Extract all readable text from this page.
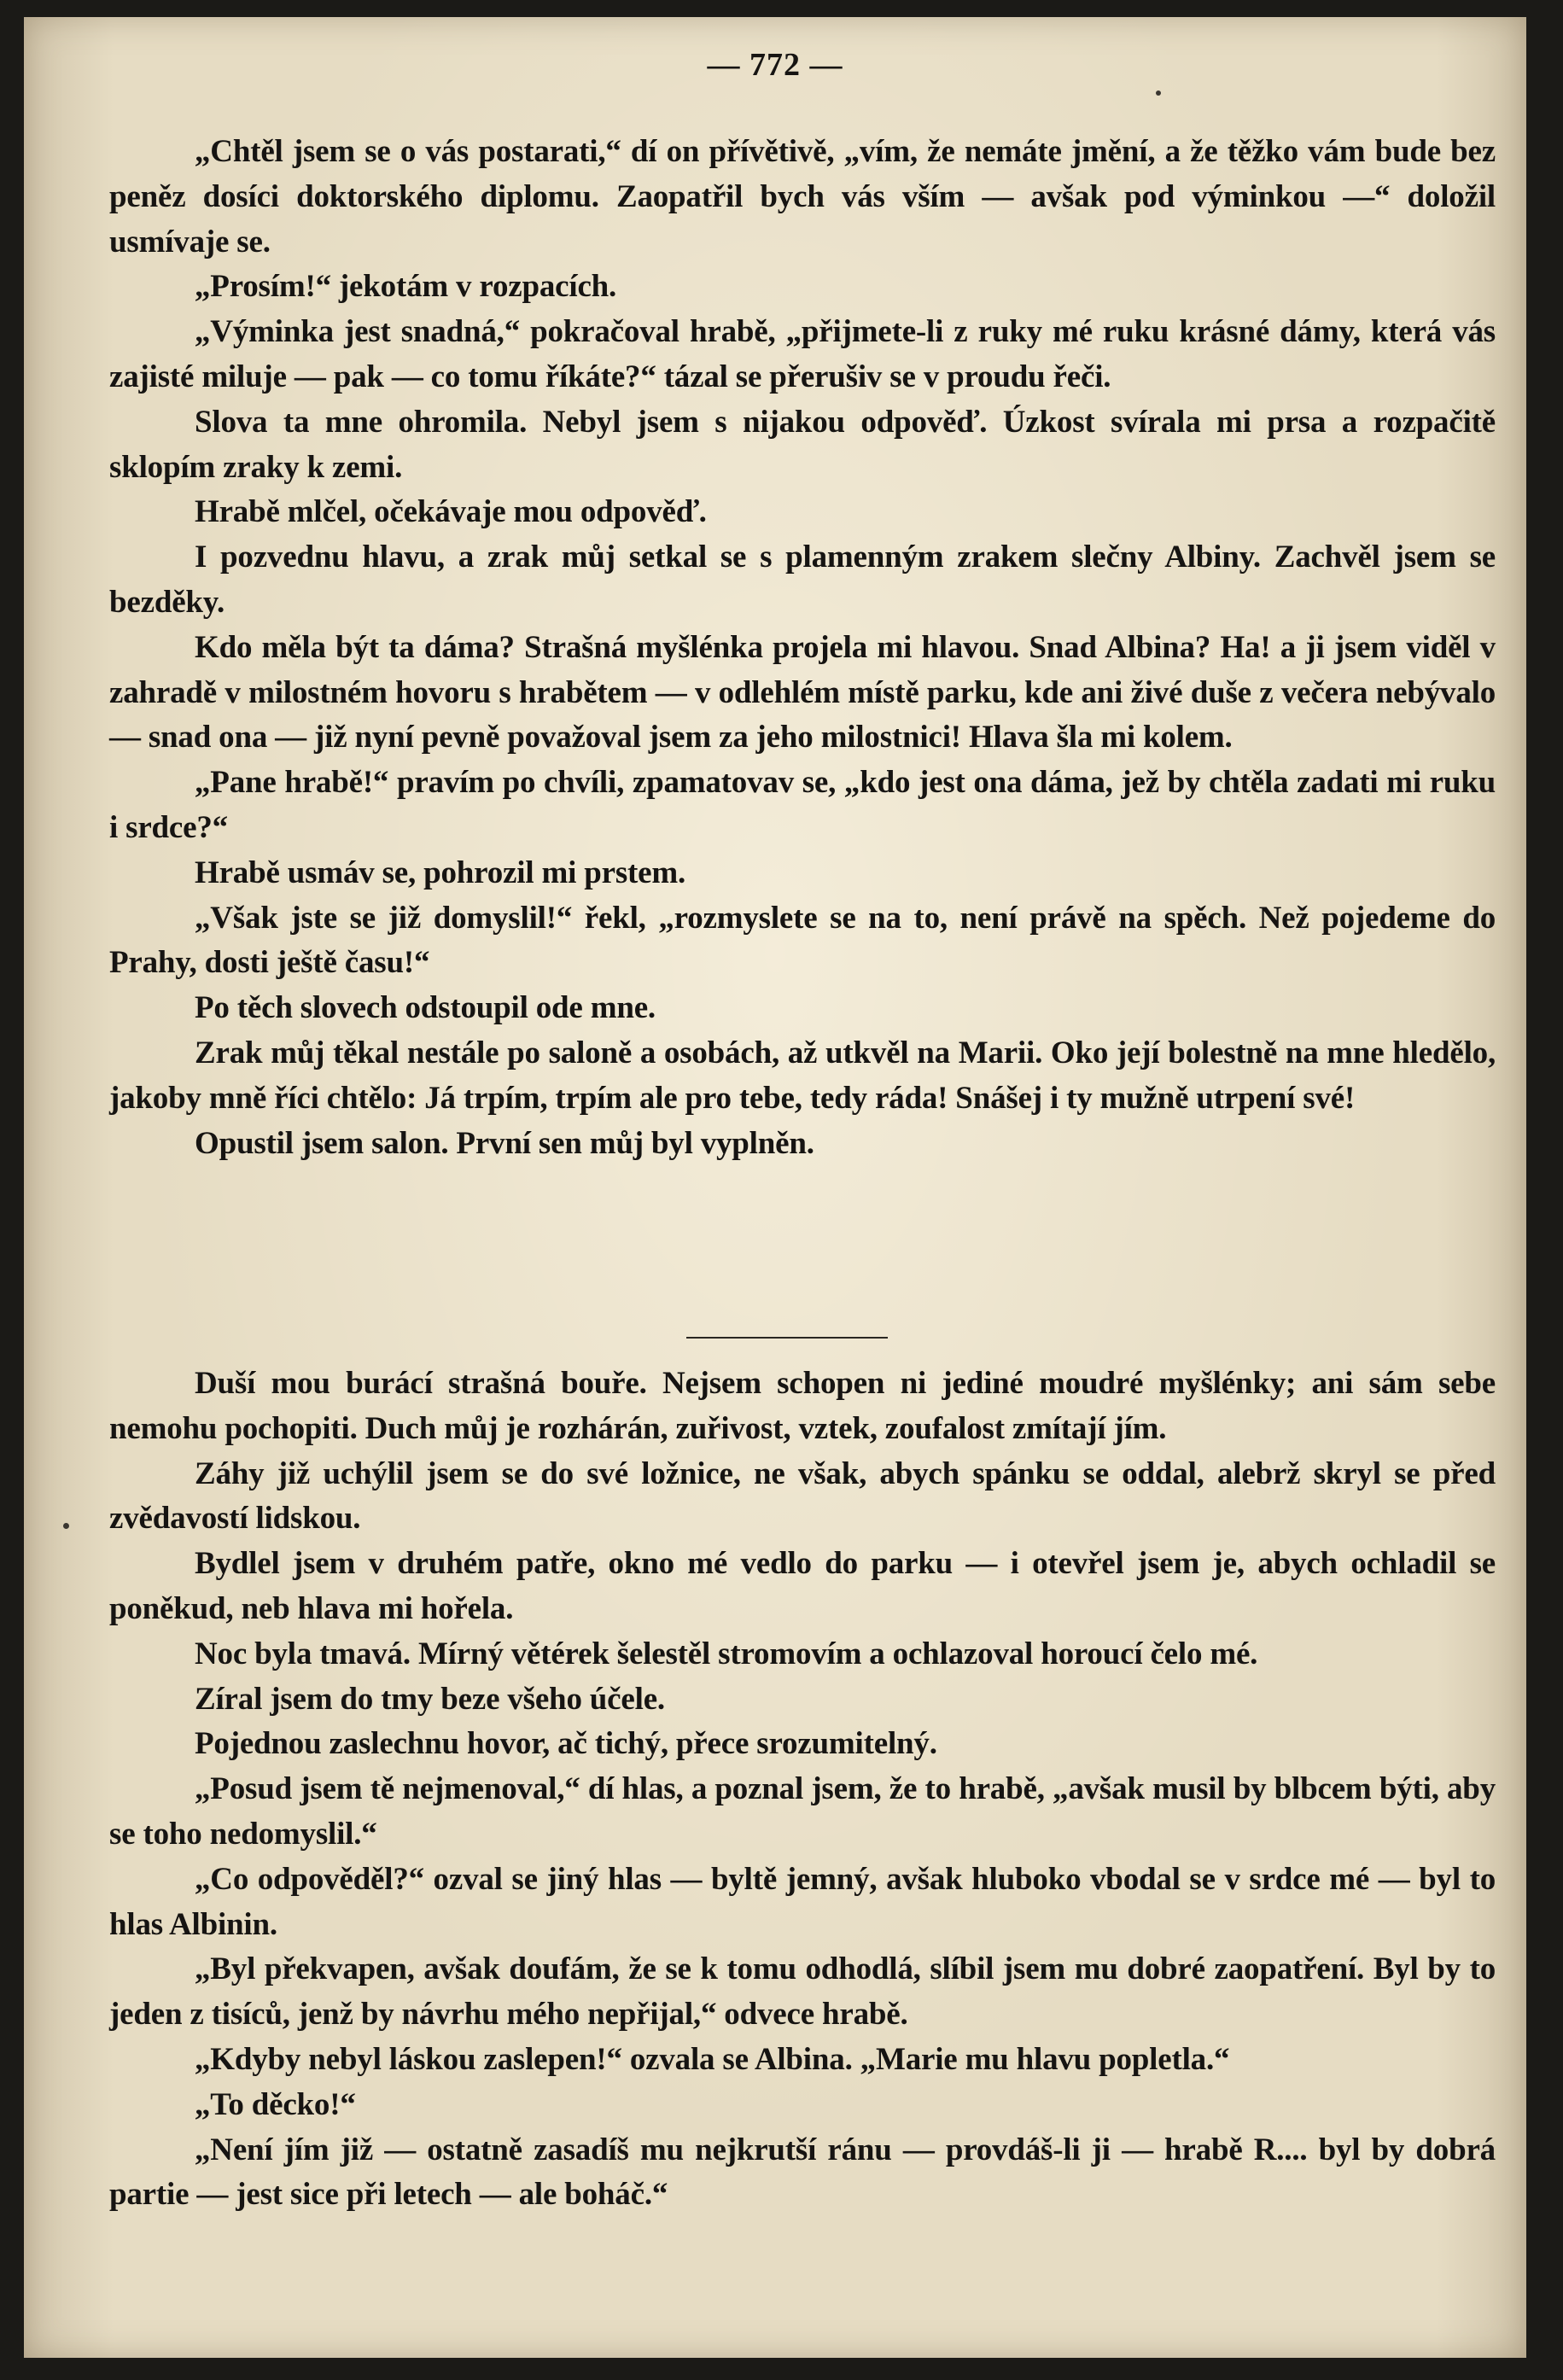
— 772 —

„Chtěl jsem se o vás postarati,“ dí on přívětivě, „vím, že nemáte jmění, a že těžko vám bude bez peněz dosíci doktorského diplomu. Zaopatřil bych vás vším — avšak pod výminkou —“ doložil usmívaje se.

„Prosím!“ jekotám v rozpacích.

„Výminka jest snadná,“ pokračoval hrabě, „přijmete-li z ruky mé ruku krásné dámy, která vás zajisté miluje — pak — co tomu říkáte?“ tázal se přerušiv se v proudu řeči.

Slova ta mne ohromila. Nebyl jsem s nijakou odpověď. Úzkost svírala mi prsa a rozpačitě sklopím zraky k zemi.

Hrabě mlčel, očekávaje mou odpověď.

I pozvednu hlavu, a zrak můj setkal se s plamenným zrakem slečny Albiny. Zachvěl jsem se bezděky.

Kdo měla být ta dáma? Strašná myšlénka projela mi hlavou. Snad Albina? Ha! a ji jsem viděl v zahradě v milostném hovoru s hrabětem — v odlehlém místě parku, kde ani živé duše z večera nebývalo — snad ona — již nyní pevně považoval jsem za jeho milostnici! Hlava šla mi kolem.

„Pane hrabě!“ pravím po chvíli, zpamatovav se, „kdo jest ona dáma, jež by chtěla zadati mi ruku i srdce?“

Hrabě usmáv se, pohrozil mi prstem.

„Však jste se již domyslil!“ řekl, „rozmyslete se na to, není právě na spěch. Než pojedeme do Prahy, dosti ještě času!“

Po těch slovech odstoupil ode mne.

Zrak můj těkal nestále po saloně a osobách, až utkvěl na Marii. Oko její bolestně na mne hledělo, jakoby mně říci chtělo: Já trpím, trpím ale pro tebe, tedy ráda! Snášej i ty mužně utrpení své!

Opustil jsem salon. První sen můj byl vyplněn.

Duší mou burácí strašná bouře. Nejsem schopen ni jediné moudré myšlénky; ani sám sebe nemohu pochopiti. Duch můj je rozhárán, zuřivost, vztek, zoufalost zmítají jím.

Záhy již uchýlil jsem se do své ložnice, ne však, abych spánku se oddal, alebrž skryl se před zvědavostí lidskou.

Bydlel jsem v druhém patře, okno mé vedlo do parku — i otevřel jsem je, abych ochladil se poněkud, neb hlava mi hořela.

Noc byla tmavá. Mírný větérek šelestěl stromovím a ochlazoval horoucí čelo mé.

Zíral jsem do tmy beze všeho účele.

Pojednou zaslechnu hovor, ač tichý, přece srozumitelný.

„Posud jsem tě nejmenoval,“ dí hlas, a poznal jsem, že to hrabě, „avšak musil by blbcem býti, aby se toho nedomyslil.“

„Co odpověděl?“ ozval se jiný hlas — byltě jemný, avšak hluboko vbodal se v srdce mé — byl to hlas Albinin.

„Byl překvapen, avšak doufám, že se k tomu odhodlá, slíbil jsem mu dobré zaopatření. Byl by to jeden z tisíců, jenž by návrhu mého nepřijal,“ odvece hrabě.

„Kdyby nebyl láskou zaslepen!“ ozvala se Albina. „Marie mu hlavu popletla.“

„To děcko!“

„Není jím již — ostatně zasadíš mu nejkrutší ránu — provdáš-li ji — hrabě R.... byl by dobrá partie — jest sice při letech — ale boháč.“
